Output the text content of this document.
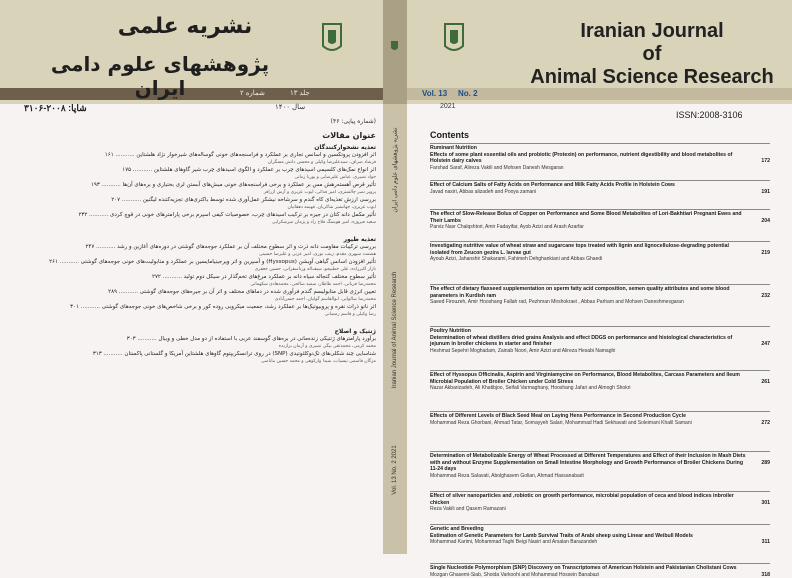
نشریه علمی
پژوهشهای علوم دامی ایران
Iranian Journal
of
Animal Science Research
جلد ۱۳
شماره ۲	Vol. 13 No. 2
2021
سال ۱۴۰۰
۳۱۰۶-۲۰۰۸ :شاپا
ISSN:2008-3106
Iranian Journal of Animal Science Research
Vol. 13 No. 2 2021
نشریه پژوهشهای علوم دامی ایران
(شماره پیاپی: ۴۶)
عنوان مقالات
تغذیه نشخوارکنندگان
اثر افزودن پروتکسین و اسانس تجاری بر عملکرد و فراسنجه‌های خونی گوساله‌های شیرخوار نژاد هلشتاین ........... ۱۶۱
فرشاد صراف، سیدعلیرضا وکیلی و محسن دانش مسگران
اثر انواع نمک‌های کلسیمی اسیدهای چرب بر عملکرد و الگوی اسیدهای چرب شیر گاوهای هلشتاین ........... ۱۷۵
جواد نصیری، عباس علیرضایی و پوریا زمانی
تأثیر قرص آهسته‌رهش مس بر عملکرد و برخی فراسنجه‌های خونی میش‌های آبستن لری بختیاری و بره‌های آن‌ها ........... ۱۹۳
پرویز نصر چالشتری، امیر فدائی، ایوب عزیزی و آرش ازرافر
بررسی ارزش تغذیه‌ای کاه گندم و سرشاخه نیشکر عمل‌آوری شده توسط باکتری‌های تجزیه‌کننده لیگنین ........... ۲۰۷
ایوب عزیزی، جهانشیر شاکریان، فهیمه دهقانیان
تأثیر مکمل دانه کتان در جیره بر ترکیب اسیدهای چرب، خصوصیات کیفی اسپرم برخی پارامترهای خونی در قوچ کردی ........... ۲۳۲
سعید فیروزه، امیر هوشنگ فلاح راد و پژمان میرشکرایی
تغذیه طیور
بررسی ترکیبات مقاومت دانه ذرت و اثر سطوح مختلف آن بر عملکرد جوجه‌های گوشتی در دوره‌های آغازین و رشد ........... ۲۴۷
هشمت سپهری مقدم، زینب نوری، امیر عزتی و علیرضا حسینی
تأثیر افزودن اسانس گیاهی آویشن (Hyssopus) و آسپرین و اتر ویرجینیا‌مایسین بر عملکرد و متابولیت‌های خونی جوجه‌های گوشتی ........... ۲۶۱
نازار اکبرزاده، علی خطیبجو، سیف‌اله ورناسفرانی، حسین جعفری
تأثیر سطوح مختلف کنجاله سیاه دانه بر عملکرد مرغ‌های تخم‌گذار در سیکل دوم تولید ........... ۲۷۲
محمدرضا قربانی، احمد طاطار، سمیه صالحی، محمدهادی سکهمانی
تعیین انرژی قابل متابولیسم گندم فرآوری شده در دماهای مختلف و اثر آن بر جیره‌های جوجه‌های گوشتی ........... ۲۸۹
محمدرضا صالواتی، ابوالقاسم گولیان، احمد حسن‌آبادی
اثر نانو ذرات نقره و پروبیوتیک‌ها بر عملکرد رشد، جمعیت میکروبی روده کور و برخی شاخص‌های خونی جوجه‌های گوشتی ........... ۳۰۱
رضا وکیلی و قاسم رمضانی
ژنتیک و اصلاح
برآورد پارامترهای ژنتیکی زنده‌مانی در بره‌های گوسفند عربی با استفاده از دو مدل خطی و ویبال ........... ۳۰۳
محمد کرمی، محمدتقی بیگی نصیری و آرمان برازنده
شناسایی چند شکلی‌های تک‌نوکلئوتیدی (SNP) در روی ترانسکریپتوم گاوهای هلشتاین آمریکا و گلستانی پاکستان ........... ۳۱۳
مژگان قاسمی نیسیاب، شیدا وارکوهی و محمد حسین بناباضی
Contents
Ruminant Nutrition
Effects of some plant essential oils and probiotic (Protexin) on performance, nutrient digestibility and blood metabolites of Holstein dairy calves
Farshad Saraf, Alireza Vakili and Mohsen Danesh Mesgaran
172
Effect of Calcium Salts of Fatty Acids on Performance and Milk Fatty Acids Profile in Holstein Cows
Javad nasiri, Abbas alizadeh and Pooya zamani	191
The effect of Slow-Release Bolus of Copper on Performance and Some Blood Metabolites of Lori-Bakhtiari Pregnant Ewes and Their Lambs
Parviz Nasr Chalqshtori, Amir Fadayifar, Ayob Azizi and Arash Azarfar
204
Investigating nutritive value of wheat straw and sugarcane tops treated with lignin and lignocellulose-degrading potential isolated from Zeucon gezira L. larvae gut
Ayoub Azizi, Jahanshir Shakarami, Fahimeh Dehghankiani and Abbas Ghaedi
219
The effect of dietary flaxseed supplementation on sperm fatty acid composition, semen quality attributes and some blood parameters in Kurdish ram
Saeed Firouzeh, Amir Hooshang Fallah rad, Pezhman Mirshokraei , Abbas Parham and Mohsen Daneshmesgaran
232
Poultry Nutrition
Determination of wheat distillers dried grains Analysis and effect DDGS on performance and histological characteristics of jejunum in broiler chickens in starter and finisher
Heshmat Sepehri Moghadam, Zainab Noori, Amir Azizi and Alireza Hesabi Namaghi
247
Effect of Hyssopus Officinalis, Aspirin and Virginiamycine on Performance, Blood Metabolites, Carcass Parameters and Ileum Microbial Population of Broiler Chicken under Cold Stress
Nazar Akbarizadeh, Ali Khatibjoo, Seifali Varmaghany, Hooshang Jafari and Almogh Shokri
261
Effects of Different Levels of Black Seed Meal on Laying Hens Performance in Second Production Cycle
Mohammad Reza Ghorbani, Ahmad Tatar, Somayyeh Salari, Mohammad Hadi Sekhavati and Soleimani Khalil Samani	272
Determination of Metabolizable Energy of Wheat Processed at Different Temperatures and Effect of their Inclusion in Mash Diets with and without Enzyme Supplementation on Small Intestine Morphology and Growth Performance of Broiler Chickens During 11-24 days
Mohammad Reza Salavati, Abolghasem Golian, Ahmad Hassanabadi
289
Effect of silver nanoparticles and ,robiotic on growth performance, microbial population of ceca and blood indices inbroiler chicken
Reza Vakili and Qasem Ramazani
301
Genetic and Breeding
Estimation of Genetic Parameters for Lamb Survival Traits of Arabi sheep using Linear and Weibull Models
Mohammad Karimi, Mohammad Taghi Beigi Nasiri and Arsalan Barazandeh	311
Single Nucleotide Polymorphism (SNP) Discovery on Transcriptomes of American Holstein and Pakistanian Cholistani Cows
Mozgan Ghasemi-Siab, Shoida Varkoohi and Mohammad Hossein Banabazi	318
